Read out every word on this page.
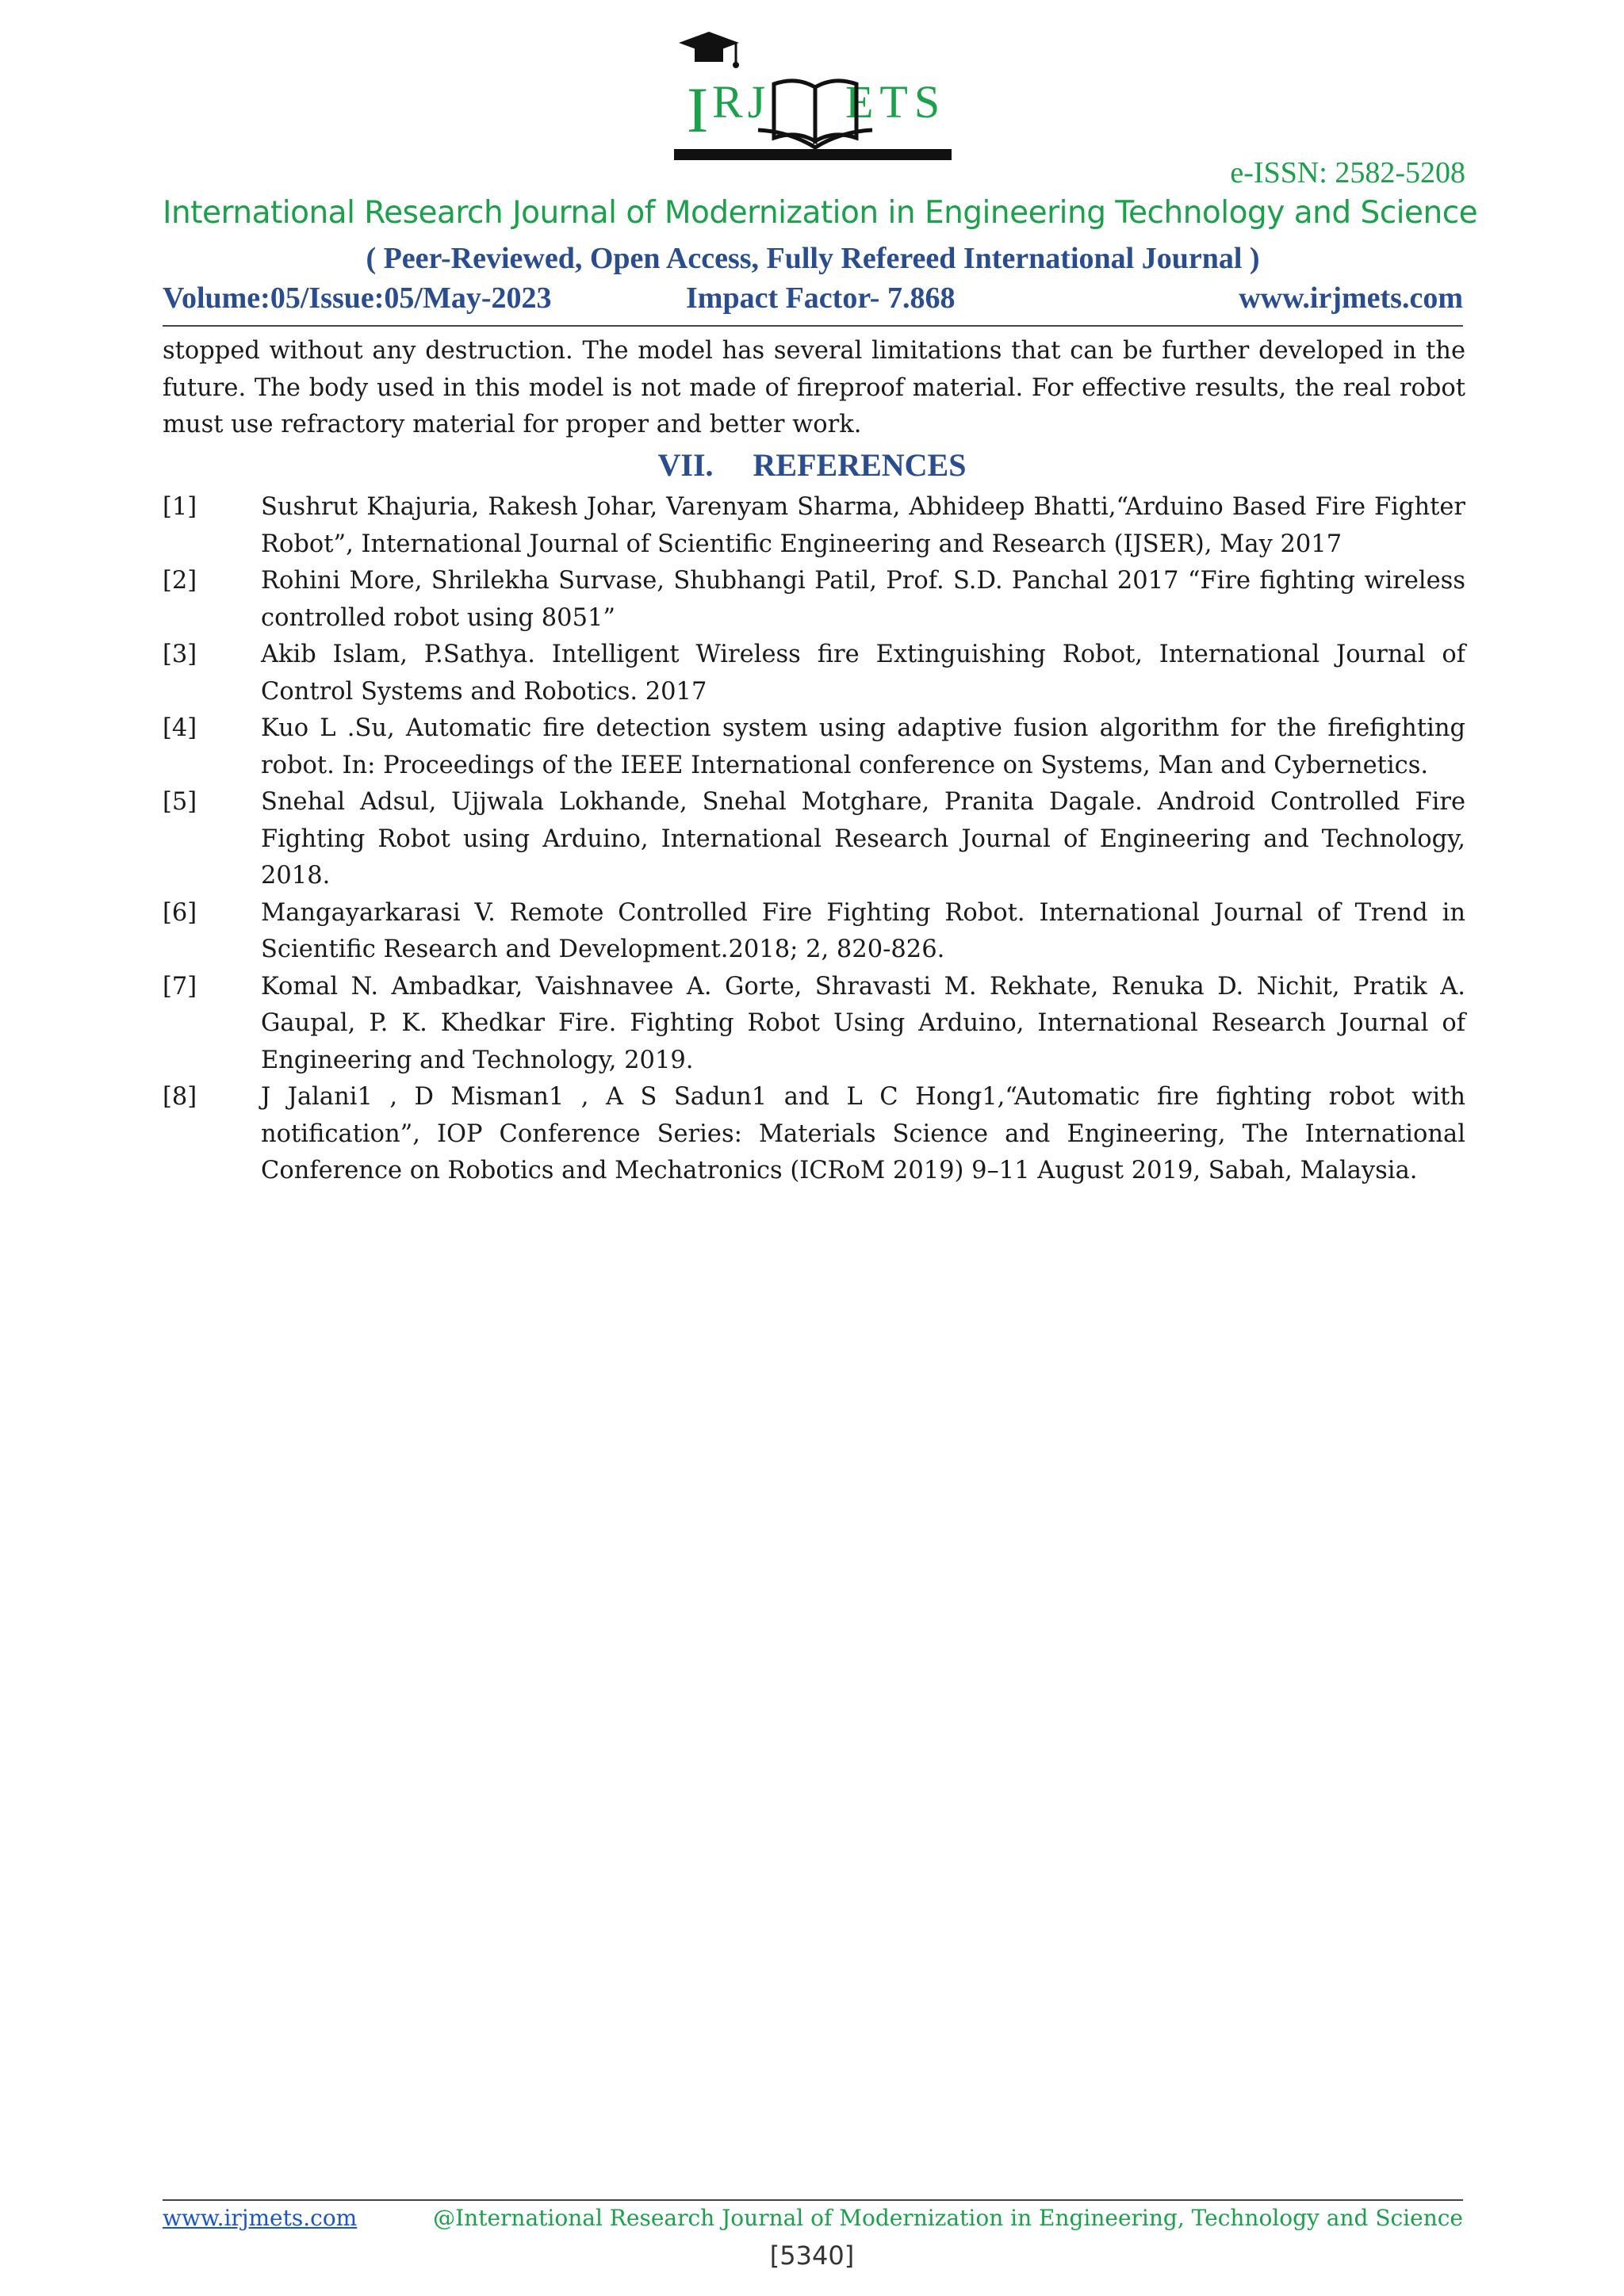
I RJ ETS
e-ISSN: 2582-5208
International Research Journal of Modernization in Engineering Technology and Science
( Peer-Reviewed, Open Access, Fully Refereed International Journal )
Volume:05/Issue:05/May-2023	Impact Factor- 7.868	www.irjmets.com

stopped without any destruction. The model has several limitations that can be further developed in the future. The body used in this model is not made of fireproof material. For effective results, the real robot must use refractory material for proper and better work.

VII. REFERENCES
[1]	Sushrut Khajuria, Rakesh Johar, Varenyam Sharma, Abhideep Bhatti,“Arduino Based Fire Fighter Robot”, International Journal of Scientific Engineering and Research (IJSER), May 2017
[2]	Rohini More, Shrilekha Survase, Shubhangi Patil, Prof. S.D. Panchal 2017 “Fire fighting wireless controlled robot using 8051”
[3]	Akib Islam, P.Sathya. Intelligent Wireless fire Extinguishing Robot, International Journal of Control Systems and Robotics. 2017
[4]	Kuo L .Su, Automatic fire detection system using adaptive fusion algorithm for the firefighting robot. In: Proceedings of the IEEE International conference on Systems, Man and Cybernetics.
[5]	Snehal Adsul, Ujjwala Lokhande, Snehal Motghare, Pranita Dagale. Android Controlled Fire Fighting Robot using Arduino, International Research Journal of Engineering and Technology, 2018.
[6]	Mangayarkarasi V. Remote Controlled Fire Fighting Robot. International Journal of Trend in Scientific Research and Development.2018; 2, 820-826.
[7]	Komal N. Ambadkar, Vaishnavee A. Gorte, Shravasti M. Rekhate, Renuka D. Nichit, Pratik A. Gaupal, P. K. Khedkar Fire. Fighting Robot Using Arduino, International Research Journal of Engineering and Technology, 2019.
[8]	J Jalani1 , D Misman1 , A S Sadun1 and L C Hong1,“Automatic fire fighting robot with notification”, IOP Conference Series: Materials Science and Engineering, The International Conference on Robotics and Mechatronics (ICRoM 2019) 9–11 August 2019, Sabah, Malaysia.
www.irjmets.com	@International Research Journal of Modernization in Engineering, Technology and Science
[5340]
